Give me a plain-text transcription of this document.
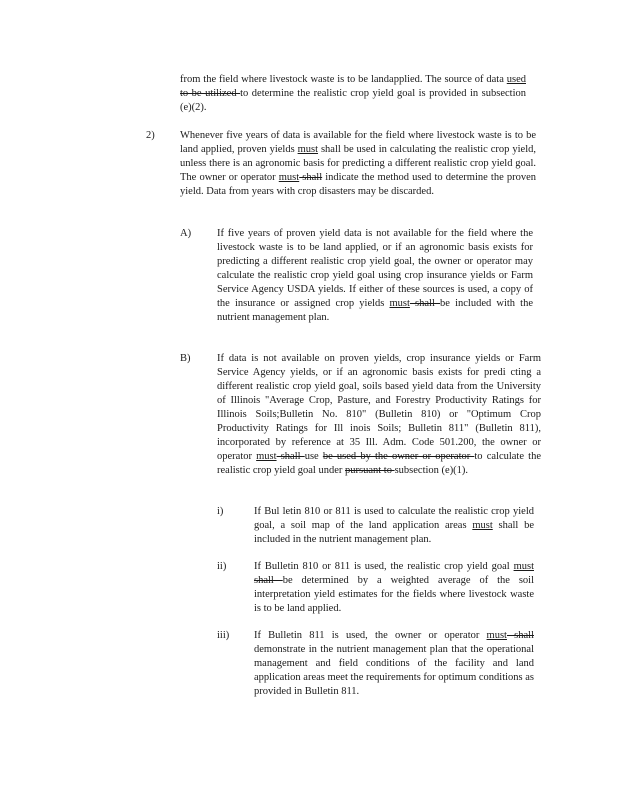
from the field where livestock waste is to be landapplied. The source of data used to be utilized to determine the realistic crop yield goal is provided in subsection (e)(2).

2) Whenever five years of data is available for the field where livestock waste is to be land applied, proven yields must shall be used in calculating the realistic crop yield, unless there is an agronomic basis for predicting a different realistic crop yield goal. The owner or operator must shall indicate the method used to determine the proven yield. Data from years with crop disasters may be discarded.

A) If five years of proven yield data is not available for the field where the livestock waste is to be land applied, or if an agronomic basis exists for predicting a different realistic crop yield goal, the owner or operator may calculate the realistic crop yield goal using crop insurance yields or Farm Service Agency USDA yields. If either of these sources is used, a copy of the insurance or assigned crop yields must shall be included with the nutrient management plan.

B)	If data is not available on proven yields, crop insurance yields or Farm Service Agency yields, or if an agronomic basis exists for predi cting a different realistic crop yield goal, soils based yield data from the University of Illinois "Average Crop, Pasture, and Forestry Productivity Ratings for Illinois Soils;Bulletin No. 810" (Bulletin 810) or "Optimum Crop Productivity Ratings for Ill inois Soils; Bulletin 811" (Bulletin 811), incorporated by reference at 35 Ill. Adm. Code 501.200, the owner or operator must shall use be used by the owner or operator to calculate the realistic crop yield goal under pursuant to subsection (e)(1).

i)	If Bul letin 810 or 811 is used to calculate the realistic crop yield goal, a soil map of the land application areas must shall be included in the nutrient management plan.

ii)	If Bulletin 810 or 811 is used, the realistic crop yield goal must shall be determined by a weighted average of the soil interpretation yield estimates for the fields where livestock waste is to be land applied.

iii) If Bulletin 811 is used, the owner or operator must shall demonstrate in the nutrient management plan that the operational management and field conditions of the facility and land application areas meet the requirements for optimum conditions as provided in Bulletin 811.
